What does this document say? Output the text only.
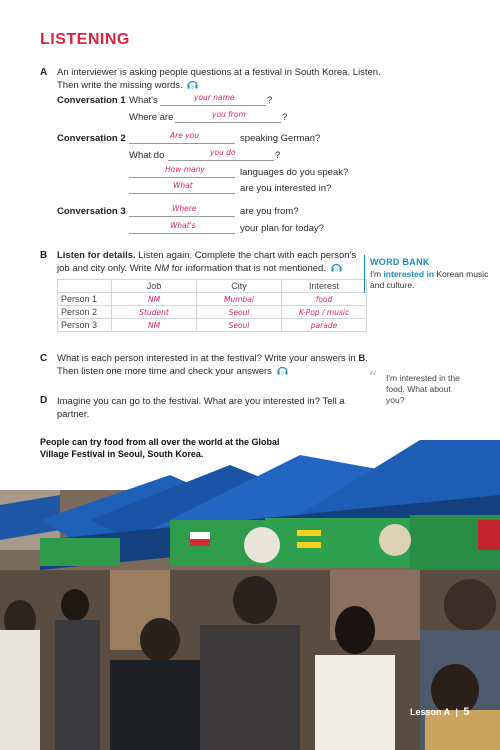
LISTENING
A An interviewer is asking people questions at a festival in South Korea. Listen.
Then write the missing words. 3
Conversation 1 What's	your name	?
Where are	you from	?
Conversation 2	Are you	speaking German?
What do	you do	?
How many	languages do you speak?
What	are you interested in?
Conversation 3	Where	are you from?
What's	your plan for today?
B Listen for details. Listen again. Complete the chart with each person's
job and city only. Write NM for information that is not mentioned. 3
	Job	City	Interest
Person 1	NM	Mumbai	food
Person 2	Student	Seoul	K-Pop / music
Person 3	NM	Seoul	parade
WORD BANK
I'm interested in Korean music and culture.
C What is each person interested in at the festival? Write your answers in B.
Then listen one more time and check your answers 3
D Imagine you can go to the festival. What are you interested in? Tell a partner.
“ I'm interested in the food. What about you?
People can try food from all over the world at the Global Village Festival in Seoul, South Korea.
Lesson A | 5
